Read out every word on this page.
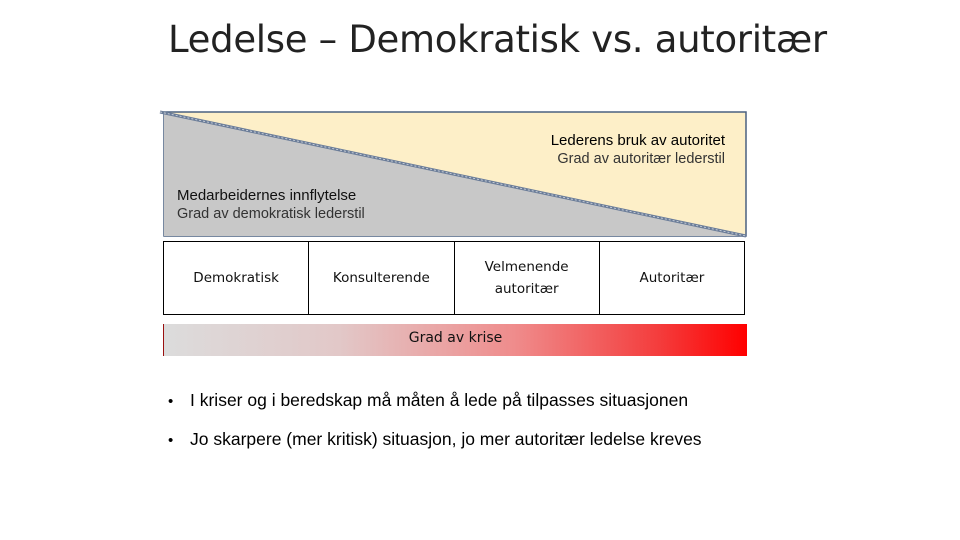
Ledelse – Demokratisk vs. autoritær
Lederens bruk av autoritet
Grad av autoritær lederstil
Medarbeidernes innflytelse
Grad av demokratisk lederstil
Demokratisk	Konsulterende
Velmenende
autoritær
Autoritær
Grad av krise
• I kriser og i beredskap må måten å lede på tilpasses situasjonen
• Jo skarpere (mer kritisk) situasjon, jo mer autoritær ledelse kreves
